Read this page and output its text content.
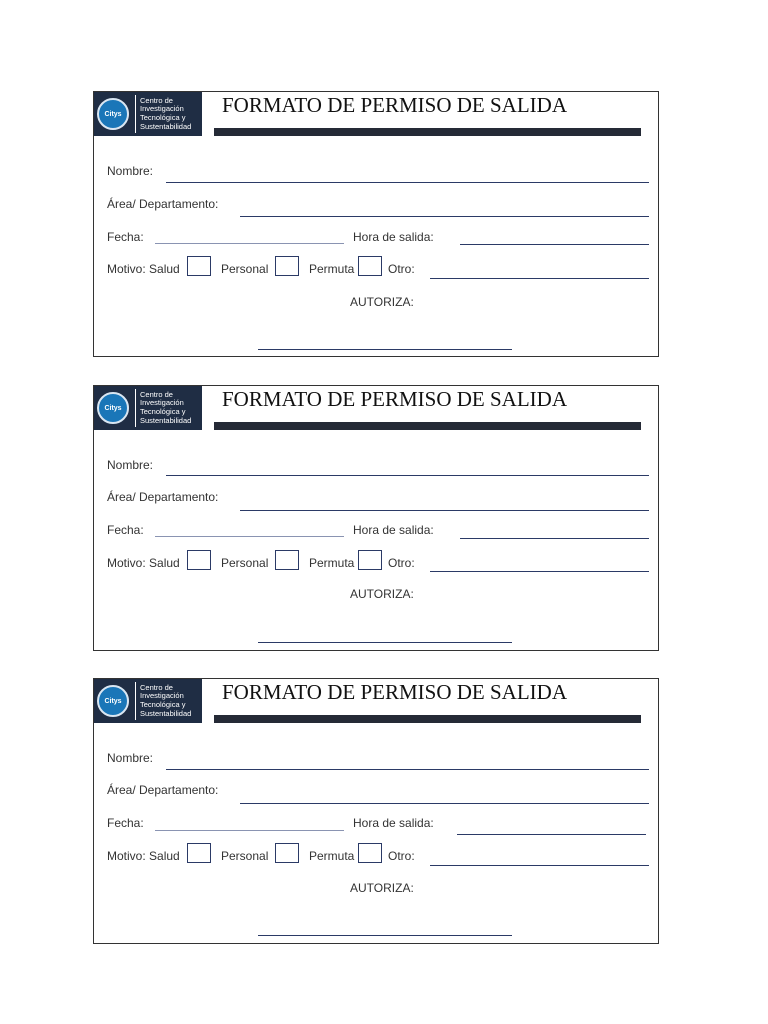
Citys
Centro de
Investigación
Tecnológica y
Sustentabilidad
FORMATO DE PERMISO DE SALIDA
Nombre:
Área/ Departamento:
Fecha:	Hora de salida:
Motivo: Salud	Personal	Permuta	Otro:
AUTORIZA:
Citys
Centro de
Investigación
Tecnológica y
Sustentabilidad
FORMATO DE PERMISO DE SALIDA
Nombre:
Área/ Departamento:
Fecha:	Hora de salida:
Motivo: Salud	Personal	Permuta	Otro:
AUTORIZA:
Citys
Centro de
Investigación
Tecnológica y
Sustentabilidad
FORMATO DE PERMISO DE SALIDA
Nombre:
Área/ Departamento:
Fecha:	Hora de salida:
Motivo: Salud	Personal	Permuta	Otro:
AUTORIZA:
